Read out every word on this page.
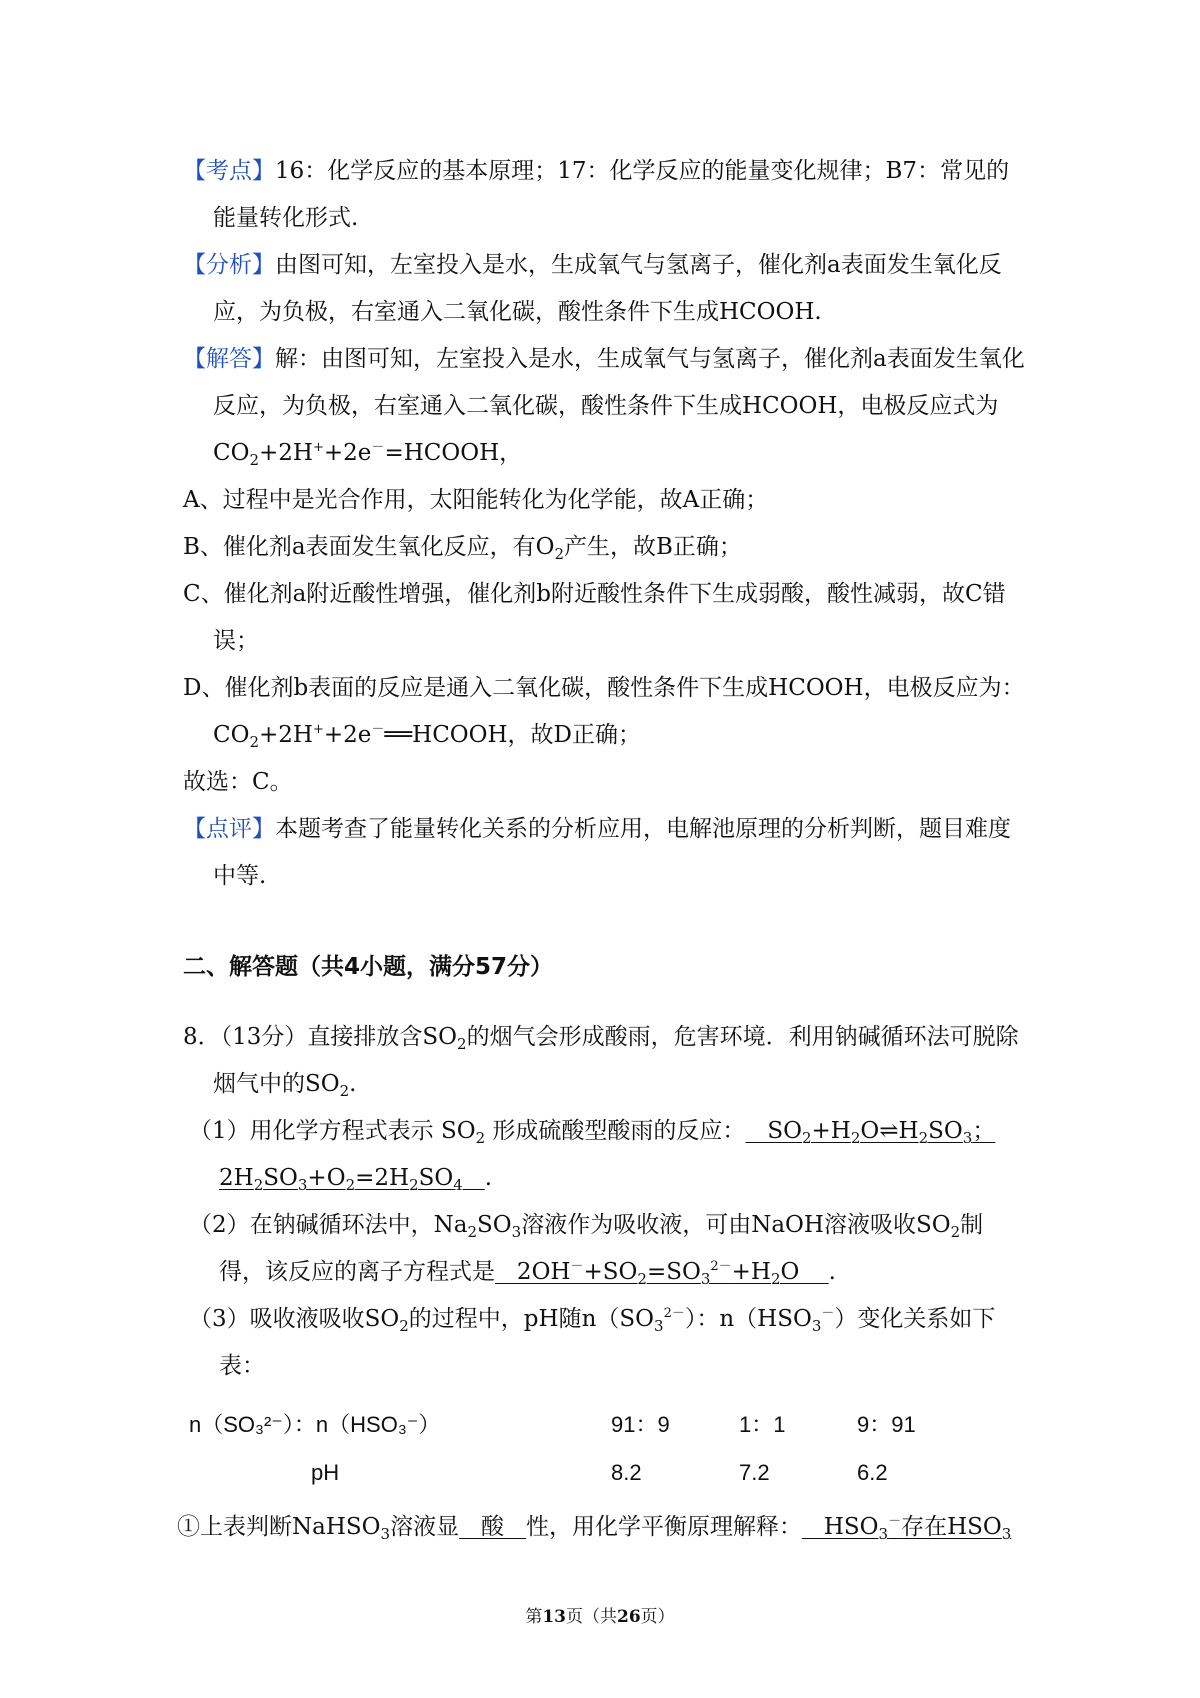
【考点】16：化学反应的基本原理；17：化学反应的能量变化规律；B7：常见的能量转化形式.

【分析】由图可知，左室投入是水，生成氧气与氢离子，催化剂a表面发生氧化反应，为负极，右室通入二氧化碳，酸性条件下生成HCOOH.

【解答】解：由图可知，左室投入是水，生成氧气与氢离子，催化剂a表面发生氧化反应，为负极，右室通入二氧化碳，酸性条件下生成HCOOH，电极反应式为 $CO_2+2H^++2e^-=HCOOH$，

A、过程中是光合作用，太阳能转化为化学能，故A正确；

B、催化剂a表面发生氧化反应，有$O_2$产生，故B正确；

C、催化剂a附近酸性增强，催化剂b附近酸性条件下生成弱酸，酸性减弱，故C错误；

D、催化剂b表面的反应是通入二氧化碳，酸性条件下生成HCOOH，电极反应为：$CO_2+2H^++2e^-══HCOOH$，故D正确；

故选：C。

【点评】本题考查了能量转化关系的分析应用，电解池原理的分析判断，题目难度中等.

二、解答题（共4小题，满分57分）

8．（13分）直接排放含$SO_2$的烟气会形成酸雨，危害环境．利用钠碱循环法可脱除烟气中的$SO_2$.

（1）用化学方程式表示 $SO_2$ 形成硫酸型酸雨的反应：   $SO_2+H_2O\rightleftharpoons H_2SO_3$；$2H_2SO_3+O_2=2H_2SO_4$ .

（2）在钠碱循环法中，$Na_2SO_3$溶液作为吸收液，可由NaOH溶液吸收$SO_2$制得，该反应的离子方程式是   $2OH^-+SO_2=SO_3^{2-}+H_2O$    .

（3）吸收液吸收$SO_2$的过程中，pH随$n(SO_3^{2-})$：$n(HSO_3^-)$变化关系如下表：

n（SO₃²⁻）：n（HSO₃⁻）	91：9	1：1	9：91
pH	8.2	7.2	6.2

①上表判断NaHSO$_3$溶液显 酸 性，用化学平衡原理解释：   $HSO_3^-$存在$HSO_3$

第13页（共26页）
